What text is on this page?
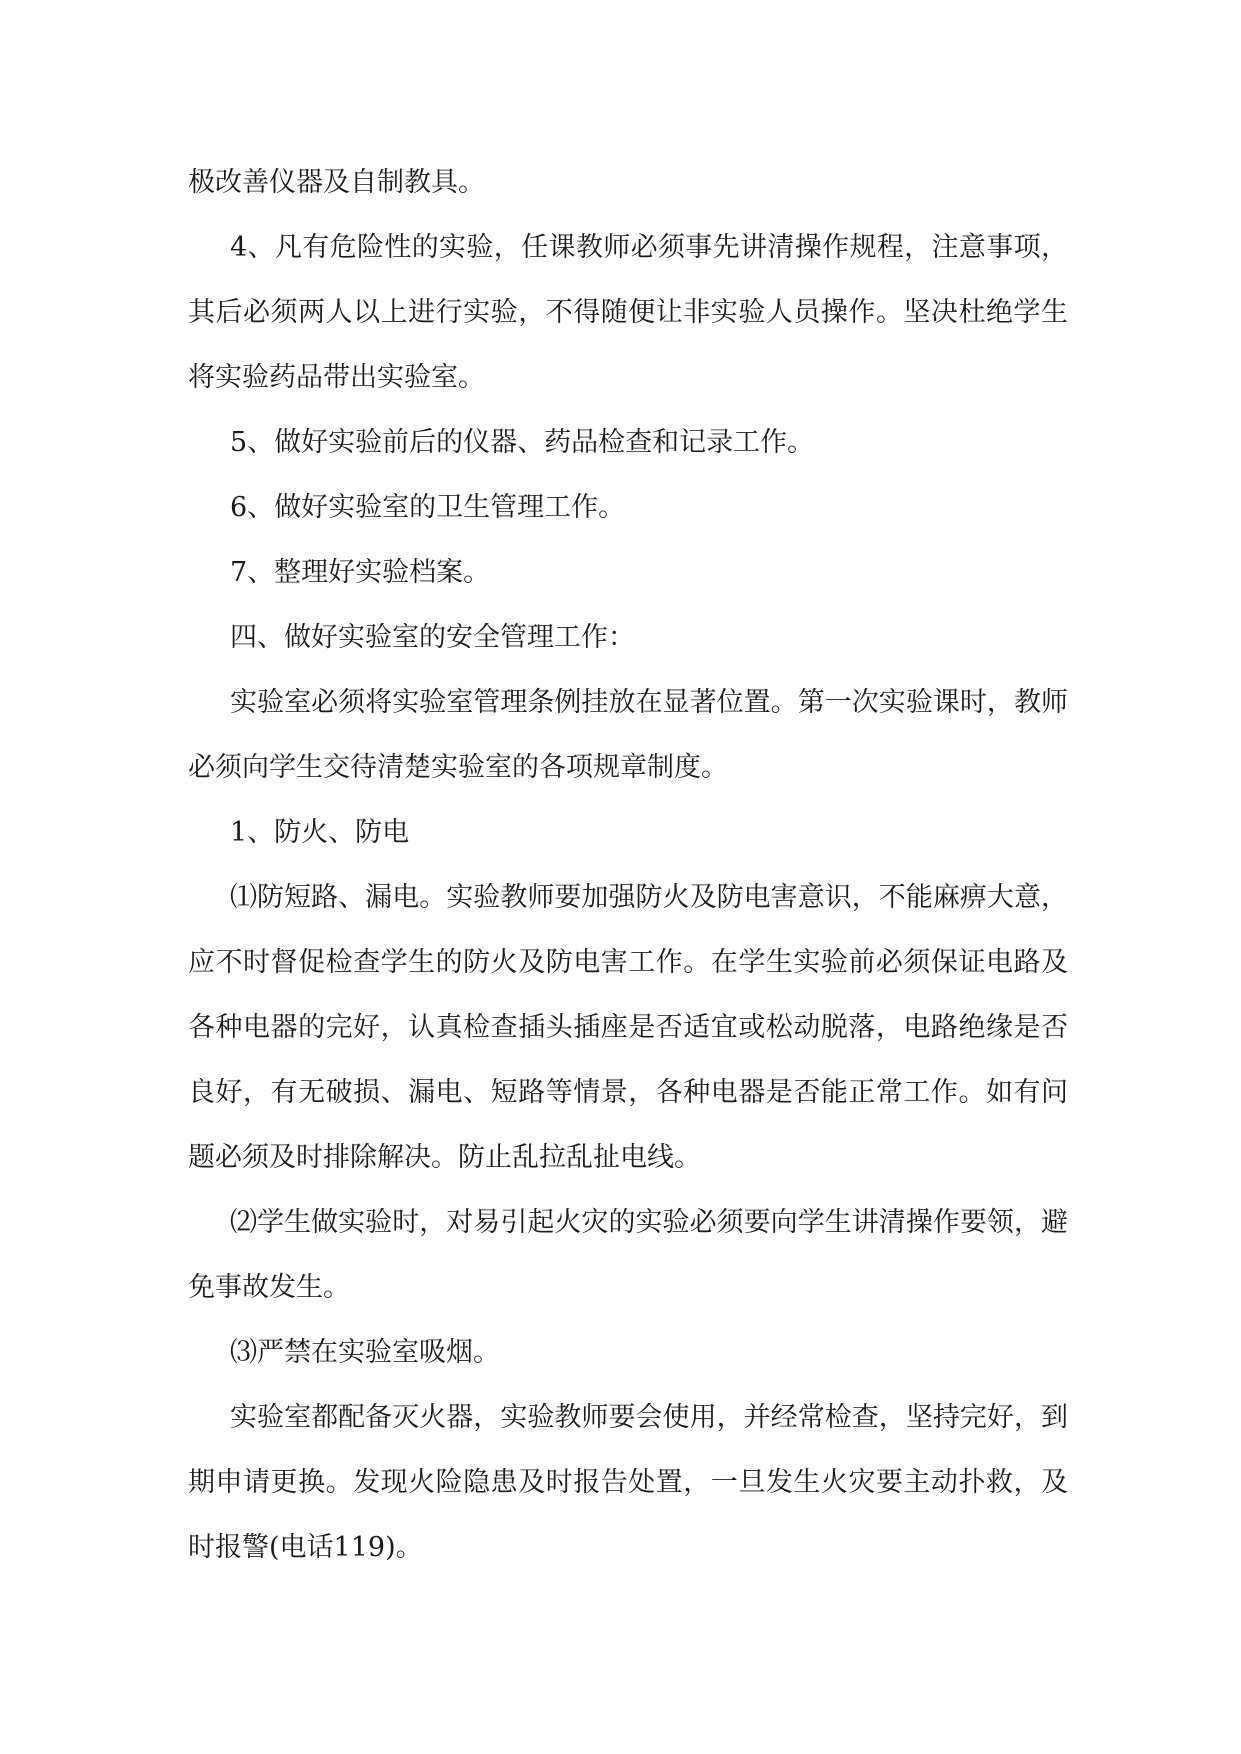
极改善仪器及自制教具。

4、凡有危险性的实验，任课教师必须事先讲清操作规程，注意事项，其后必须两人以上进行实验，不得随便让非实验人员操作。坚决杜绝学生将实验药品带出实验室。

5、做好实验前后的仪器、药品检查和记录工作。

6、做好实验室的卫生管理工作。

7、整理好实验档案。

四、做好实验室的安全管理工作：

实验室必须将实验室管理条例挂放在显著位置。第一次实验课时，教师必须向学生交待清楚实验室的各项规章制度。

1、防火、防电

⑴防短路、漏电。实验教师要加强防火及防电害意识，不能麻痹大意，应不时督促检查学生的防火及防电害工作。在学生实验前必须保证电路及各种电器的完好，认真检查插头插座是否适宜或松动脱落，电路绝缘是否良好，有无破损、漏电、短路等情景，各种电器是否能正常工作。如有问题必须及时排除解决。防止乱拉乱扯电线。

⑵学生做实验时，对易引起火灾的实验必须要向学生讲清操作要领，避免事故发生。

⑶严禁在实验室吸烟。

实验室都配备灭火器，实验教师要会使用，并经常检查，坚持完好，到期申请更换。发现火险隐患及时报告处置，一旦发生火灾要主动扑救，及时报警(电话119)。
